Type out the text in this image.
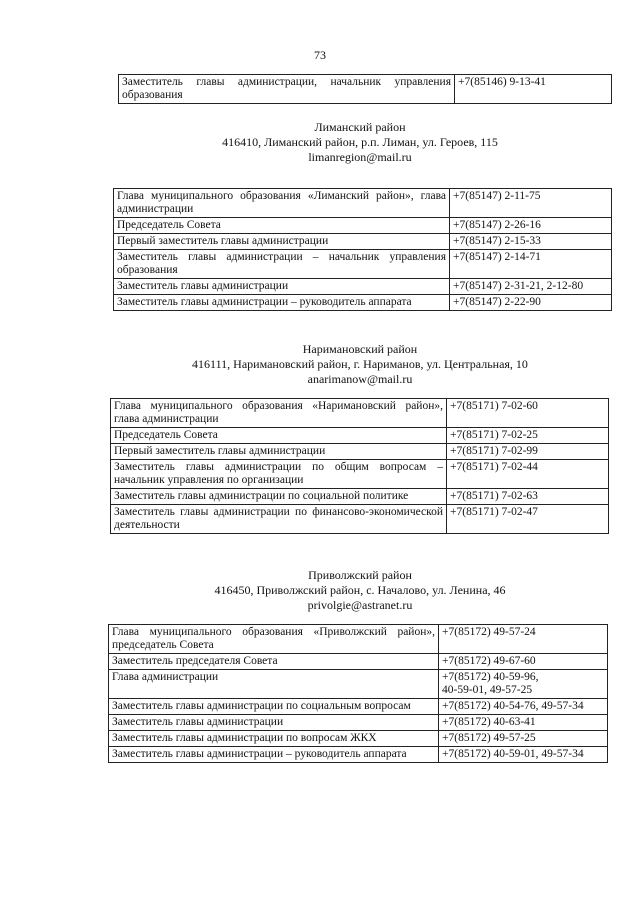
73
Заместитель главы администрации, начальник управления образования	
+7(85146) 9-13-41
Лиманский район
416410, Лиманский район, р.п. Лиман, ул. Героев, 115
limanregion@mail.ru
Глава муниципального образования «Лиманский район», глава администрации	+7(85147) 2-11-75

Председатель Совета	+7(85147) 2-26-16

Первый заместитель главы администрации	+7(85147) 2-15-33

Заместитель главы администрации – начальник управления образования	+7(85147) 2-14-71

Заместитель главы администрации	+7(85147) 2-31-21, 2-12-80

Заместитель главы администрации – руководитель аппарата	+7(85147) 2-22-90
Наримановский район
416111, Наримановский район, г. Нариманов, ул. Центральная, 10
anarimanow@mail.ru
Глава муниципального образования «Наримановский район», глава администрации	+7(85171) 7-02-60

Председатель Совета	+7(85171) 7-02-25

Первый заместитель главы администрации	+7(85171) 7-02-99

Заместитель главы администрации по общим вопросам – начальник управления по организации	+7(85171) 7-02-44

Заместитель главы администрации по социальной политике	+7(85171) 7-02-63

Заместитель главы администрации по финансово-экономической деятельности	+7(85171) 7-02-47
Приволжский район
416450, Приволжский район, с. Началово, ул. Ленина, 46
privolgie@astranet.ru
Глава муниципального образования «Приволжский район», председатель Совета	+7(85172) 49-57-24

Заместитель председателя Совета	+7(85172) 49-67-60

Глава администрации	+7(85172) 40-59-96,
40-59-01, 49-57-25

Заместитель главы администрации по социальным вопросам	+7(85172) 40-54-76, 49-57-34

Заместитель главы администрации	+7(85172) 40-63-41

Заместитель главы администрации по вопросам ЖКХ	+7(85172) 49-57-25

Заместитель главы администрации – руководитель аппарата	+7(85172) 40-59-01, 49-57-34
